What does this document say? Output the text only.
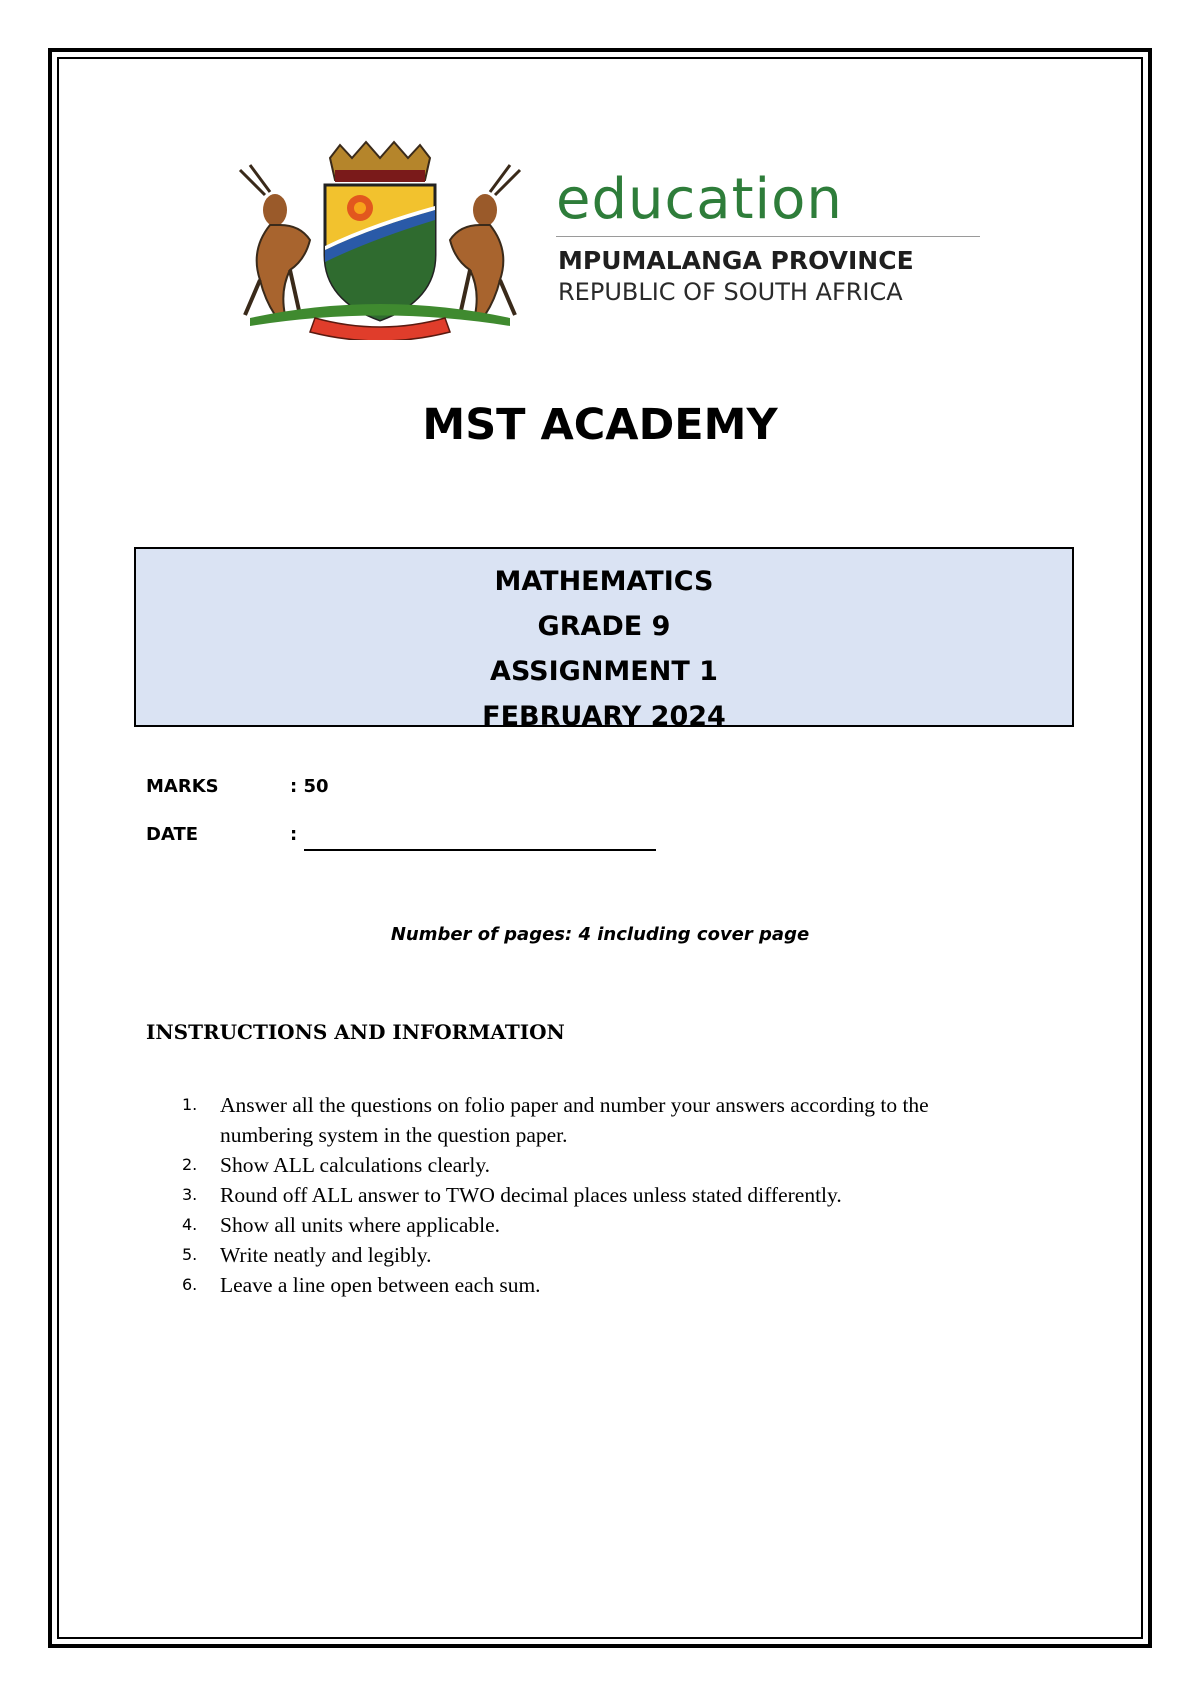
education
MPUMALANGA PROVINCE
REPUBLIC OF SOUTH AFRICA
MST ACADEMY
MATHEMATICS
GRADE 9
ASSIGNMENT 1
FEBRUARY 2024
MARKS	: 50
DATE	:
Number of pages: 4 including cover page
INSTRUCTIONS AND INFORMATION
1. Answer all the questions on folio paper and number your answers according to the
numbering system in the question paper.
2. Show ALL calculations clearly.
3. Round off ALL answer to TWO decimal places unless stated differently.
4. Show all units where applicable.
5. Write neatly and legibly.
6. Leave a line open between each sum.
